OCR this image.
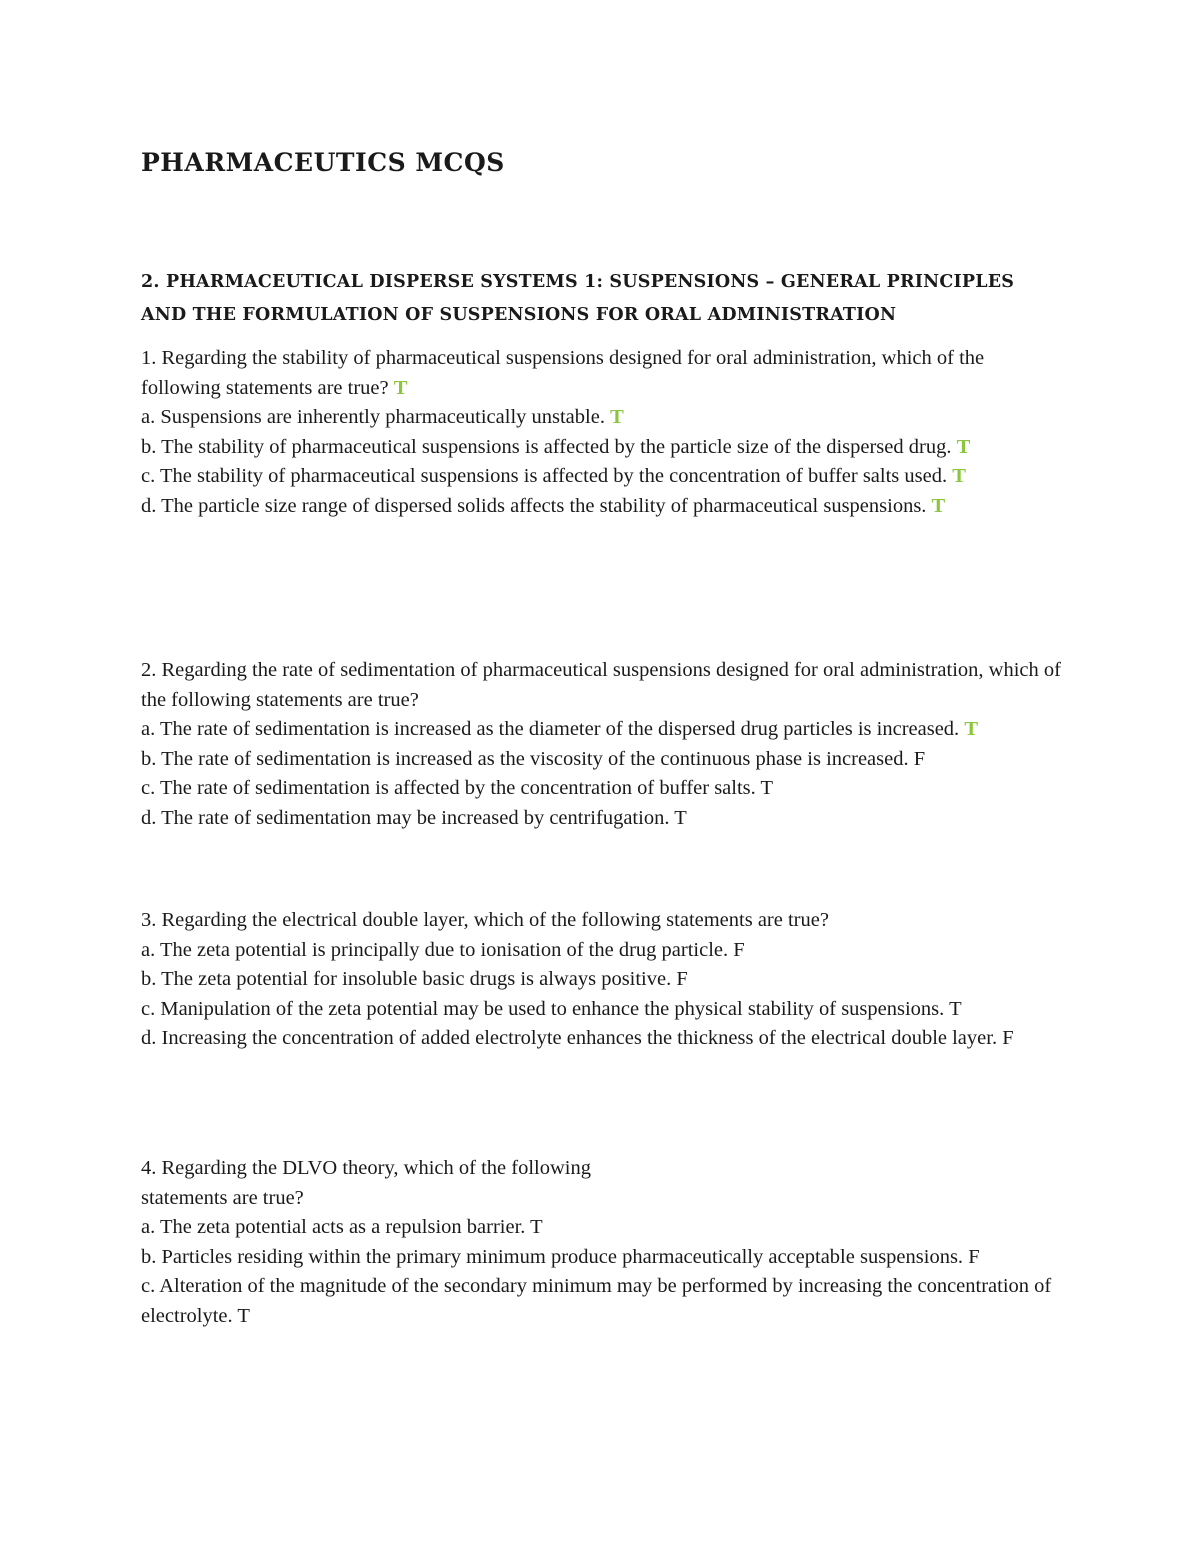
PHARMACEUTICS MCQS
2. PHARMACEUTICAL DISPERSE SYSTEMS 1: SUSPENSIONS – GENERAL PRINCIPLES AND THE FORMULATION OF SUSPENSIONS FOR ORAL ADMINISTRATION

1. Regarding the stability of pharmaceutical suspensions designed for oral administration, which of the following statements are true? T

a. Suspensions are inherently pharmaceutically unstable. T

b. The stability of pharmaceutical suspensions is affected by the particle size of the dispersed drug. T

c. The stability of pharmaceutical suspensions is affected by the concentration of buffer salts used. T

d. The particle size range of dispersed solids affects the stability of pharmaceutical suspensions. T

2. Regarding the rate of sedimentation of pharmaceutical suspensions designed for oral administration, which of the following statements are true?

a. The rate of sedimentation is increased as the diameter of the dispersed drug particles is increased. T

b. The rate of sedimentation is increased as the viscosity of the continuous phase is increased. F

c. The rate of sedimentation is affected by the concentration of buffer salts. T

d. The rate of sedimentation may be increased by centrifugation. T

3. Regarding the electrical double layer, which of the following statements are true?

a. The zeta potential is principally due to ionisation of the drug particle. F

b. The zeta potential for insoluble basic drugs is always positive. F

c. Manipulation of the zeta potential may be used to enhance the physical stability of suspensions. T

d. Increasing the concentration of added electrolyte enhances the thickness of the electrical double layer. F

4. Regarding the DLVO theory, which of the following

statements are true?

a. The zeta potential acts as a repulsion barrier. T

b. Particles residing within the primary minimum produce pharmaceutically acceptable suspensions. F

c. Alteration of the magnitude of the secondary minimum may be performed by increasing the concentration of electrolyte. T
